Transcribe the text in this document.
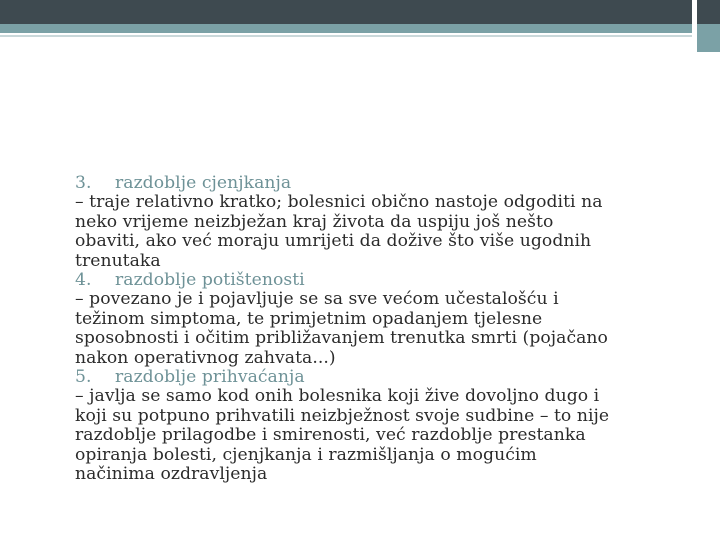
3. razdoblje cjenjkanja
– traje relativno kratko; bolesnici obično nastoje odgoditi na
neko vrijeme neizbježan kraj života da uspiju još nešto
obaviti, ako već moraju umrijeti da dožive što više ugodnih
trenutaka
4. razdoblje potištenosti
– povezano je i pojavljuje se sa sve većom učestalošću i
težinom simptoma, te primjetnim opadanjem tjelesne
sposobnosti i očitim približavanjem trenutka smrti (pojačano
nakon operativnog zahvata...)
5. razdoblje prihvaćanja
– javlja se samo kod onih bolesnika koji žive dovoljno dugo i
koji su potpuno prihvatili neizbježnost svoje sudbine – to nije
razdoblje prilagodbe i smirenosti, već razdoblje prestanka
opiranja bolesti, cjenjkanja i razmišljanja o mogućim
načinima ozdravljenja
